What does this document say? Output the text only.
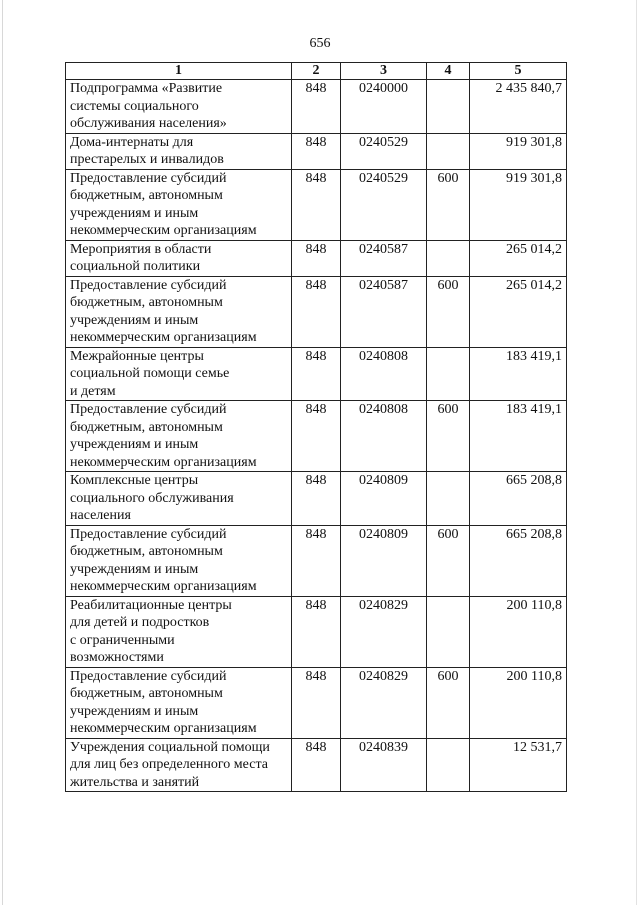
656
1	2	3	4	5
Подпрограмма «Развитие
системы социального
обслуживания населения»	848	0240000		2 435 840,7
Дома-интернаты для
престарелых и инвалидов	848	0240529		919 301,8
Предоставление субсидий
бюджетным, автономным
учреждениям и иным
некоммерческим организациям	848	0240529	600	919 301,8
Мероприятия в области
социальной политики	848	0240587		265 014,2
Предоставление субсидий
бюджетным, автономным
учреждениям и иным
некоммерческим организациям	848	0240587	600	265 014,2
Межрайонные центры
социальной помощи семье
и детям	848	0240808		183 419,1
Предоставление субсидий
бюджетным, автономным
учреждениям и иным
некоммерческим организациям	848	0240808	600	183 419,1
Комплексные центры
социального обслуживания
населения	848	0240809		665 208,8
Предоставление субсидий
бюджетным, автономным
учреждениям и иным
некоммерческим организациям	848	0240809	600	665 208,8
Реабилитационные центры
для детей и подростков
с ограниченными
возможностями	848	0240829		200 110,8
Предоставление субсидий
бюджетным, автономным
учреждениям и иным
некоммерческим организациям	848	0240829	600	200 110,8
Учреждения социальной помощи
для лиц без определенного места
жительства и занятий	848	0240839		12 531,7
